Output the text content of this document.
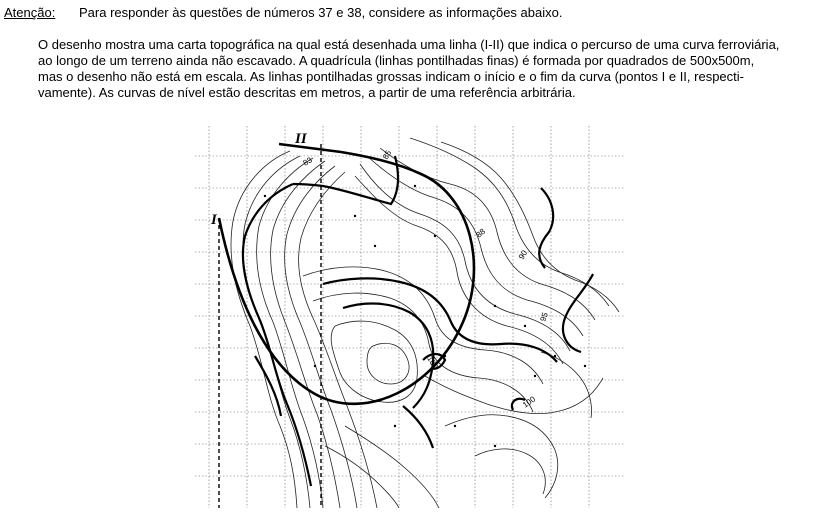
Atenção: Para responder às questões de números 37 e 38, considere as informações abaixo.

O desenho mostra uma carta topográfica na qual está desenhada uma linha (I-II) que indica o percurso de uma curva ferroviária,
ao longo de um terreno ainda não escavado. A quadrícula (linhas pontilhadas finas) é formada por quadrados de 500x500m,
mas o desenho não está em escala. As linhas pontilhadas grossas indicam o início e o fim da curva (pontos I e II, respecti-
vamente). As curvas de nível estão descritas em metros, a partir de uma referência arbitrária.

I
II
83
85
88
90
95
100
100
